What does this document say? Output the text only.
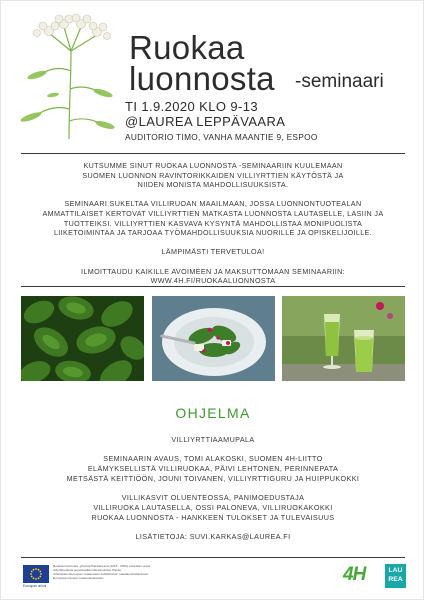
Ruokaa
luonnosta -seminaari
TI 1.9.2020 KLO 9-13
@LAUREA LEPPÄVAARA
AUDITORIO TIMO, VANHA MAANTIE 9, ESPOO

KUTSUMME SINUT RUOKAA LUONNOSTA -SEMINAARIIN KUULEMAAN
SUOMEN LUONNON RAVINTORIKKAIDEN VILLIYRTTIEN KÄYTÖSTÄ JA
NIIDEN MONISTA MAHDOLLISUUKSISTA.

SEMINAARI SUKELTAA VILLIRUOAN MAAILMAAN, JOSSA LUONNONTUOTEALAN
AMMATTILAISET KERTOVAT VILLIYRTTIEN MATKASTA LUONNOSTA LAUTASELLE, LASIIN JA
TUOTTEIKSI. VILLIYRTTIEN KASVAVA KYSYNTÄ MAHDOLLISTAA MONIPUOLISTA
LIIKETOIMINTAA JA TARJOAA TYÖMAHDOLLISUUKSIA NUORILLE JA OPISKELIJOILLE.

LÄMPIMÄSTI TERVETULOA!

ILMOITTAUDU KAIKILLE AVOIMEEN JA MAKSUTTOMAAN SEMINAARIIN:
WWW.4H.FI/RUOKAALUONNOSTA

OHJELMA
VILLIYRTTIAAMUPALA
SEMINAARIN AVAUS, TOMI ALAKOSKI, SUOMEN 4H-LIITTO
ELÄMYKSELLISTÄ VILLIRUOKAA, PÄIVI LEHTONEN, PERINNEPATA
METSÄSTÄ KEITTIÖÖN, JOUNI TOIVANEN, VILLIYRTTIGURU JA HUIPPUKOKKI
VILLIKASVIT OLUENTEOSSA, PANIMOEDUSTAJA
VILLIRUOKA LAUTASELLA, OSSI PALONEVA, VILLIRUOKAKOKKI
RUOKAA LUONNOSTA - HANKKEEN TULOKSET JA TULEVAISUUS
LISÄTIETOJA: SUVI.KARKAS@LAUREA.FI
Euroopan unioni
Ruokaa luonnosta -yhteistyöhankkeessa (2018 - 2020) tuotetaan uusia
villiyrttituotteita ja kehitetään liiketoimintaa. Hanke
rahoitetaan Euroopan maaseudun kehittämisen maatalousrahastosta:
Eurooppa investoi maaseutualueisiin.	4H	LAU
REA
